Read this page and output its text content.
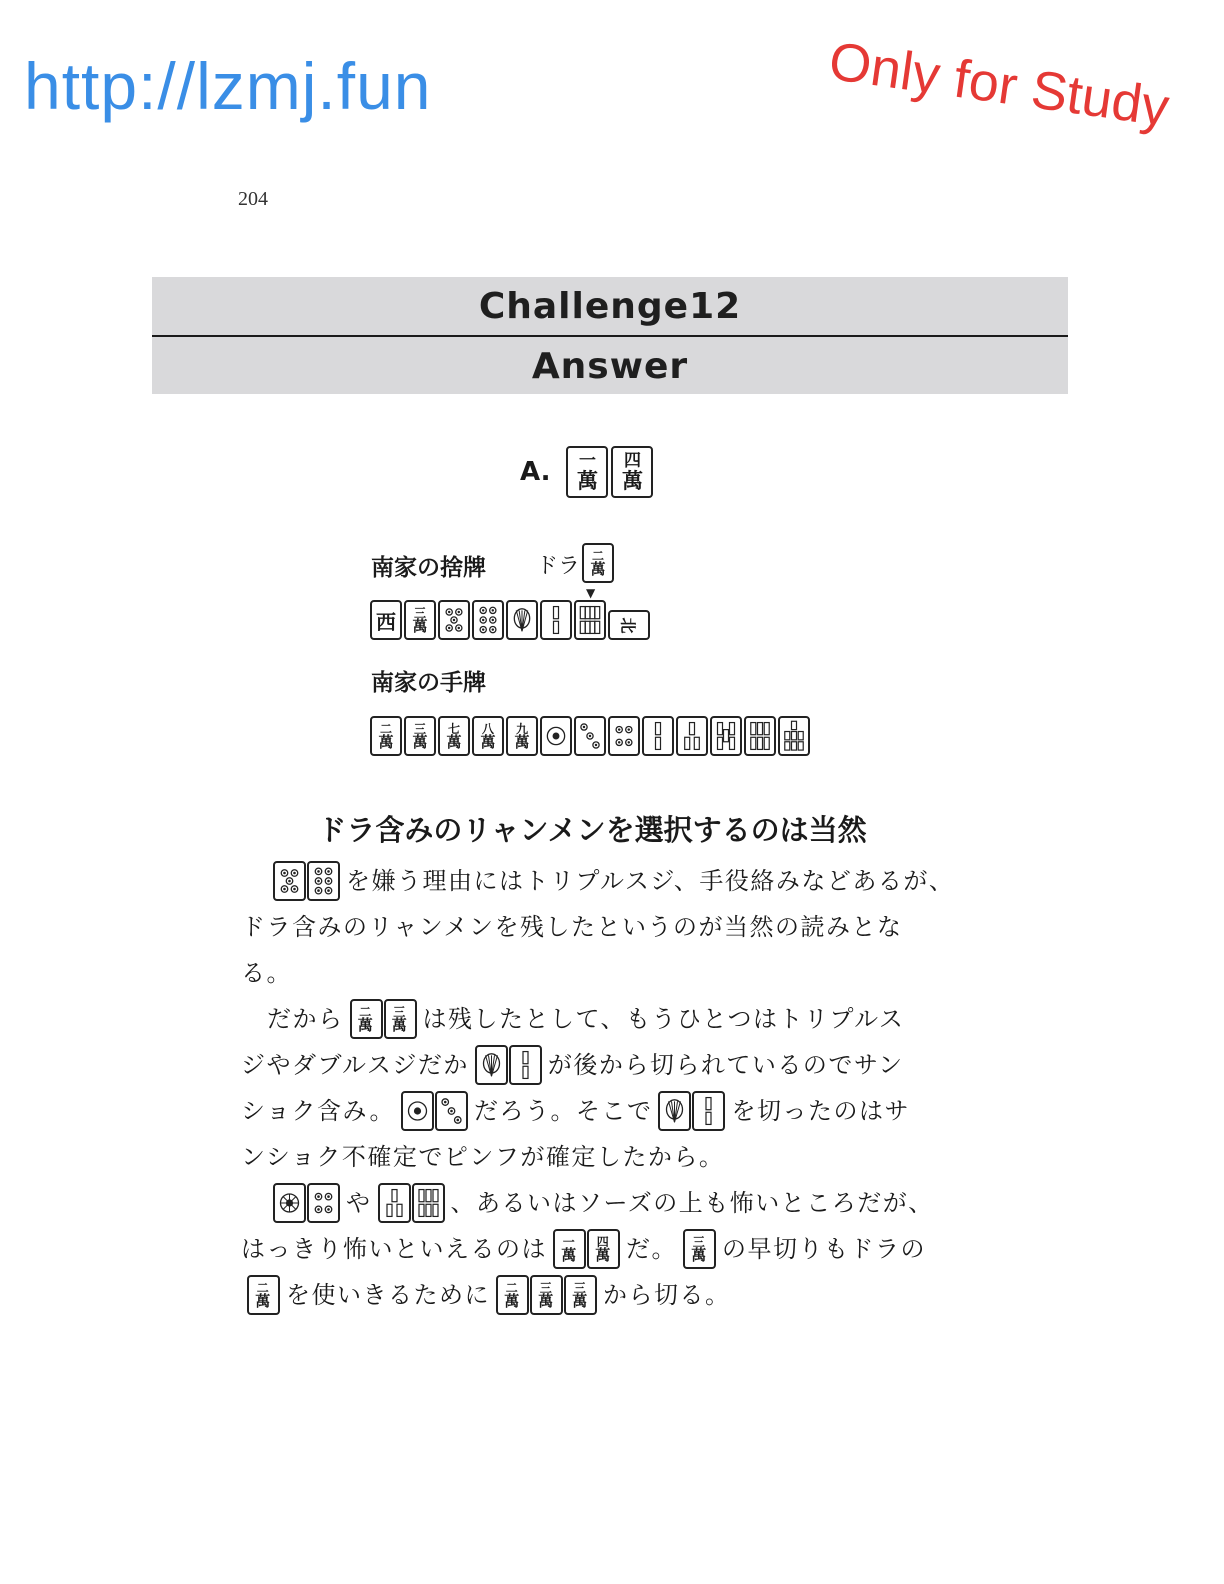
http://lzmj.fun	Only for Study
204
Challenge12
Answer
A. 一
萬
四
萬
南家の捨牌 ドラ 二
萬
▼
西 三
萬	北
南家の手牌
二
萬
三
萬
七
萬
八
萬
九
萬
ドラ含みのリャンメンを選択するのは当然
を嫌う理由にはトリプルスジ、手役絡みなどあるが、
ドラ含みのリャンメンを残したというのが当然の読みとな
る。
だから 二
萬
三
萬 は残したとして、もうひとつはトリプルス
ジやダブルスジだか	が後から切られているのでサン
ショク含み。	だろう。そこで	を切ったのはサ
ンショク不確定でピンフが確定したから。
や	、あるいはソーズの上も怖いところだが、
はっきり怖いといえるのは 一
萬
四
萬 だ。 三
萬 の早切りもドラの
二
萬 を使いきるために 二
萬
三
萬
三
萬 から切る。
